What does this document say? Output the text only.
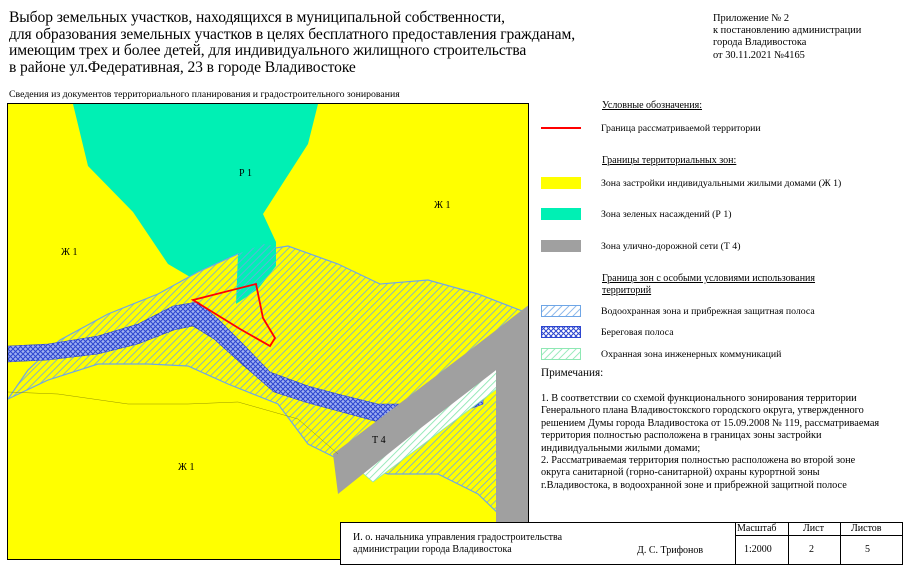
Выбор земельных участков, находящихся в муниципальной собственности,
для образования земельных участков в целях бесплатного предоставления гражданам,
имеющим трех и более детей, для индивидуального жилищного строительства
в районе ул.Федеративная, 23 в городе Владивостоке
Приложение № 2
к постановлению администрации
города Владивостока
от 30.11.2021 №4165
Сведения из документов территориального планирования и градостроительного зонирования
Р 1
Ж 1
Ж 1
Ж 1
Т 4
Условные обозначения:
Граница рассматриваемой территории
Границы территориальных зон:
Зона застройки индивидуальными жилыми домами (Ж 1)
Зона зеленых насаждений (Р 1)
Зона улично-дорожной сети (Т 4)
Граница зон с особыми условиями использования
территорий
Водоохранная зона и прибрежная защитная полоса
Береговая полоса
Охранная зона инженерных коммуникаций
Примечания:
1. В соответствии со схемой функционального зонирования территории Генерального плана Владивостокского городского округа, утвержденного решением Думы города Владивостока от 15.09.2008 № 119, рассматриваемая территория полностью расположена в границах зоны застройки индивидуальными жилыми домами;
2. Рассматриваемая территория полностью расположена во второй зоне округа санитарной (горно-санитарной) охраны курортной зоны г.Владивостока, в водоохранной зоне и прибрежной защитной полосе
И. о. начальника управления градостроительства
администрации города Владивостока	Д. С. Трифонов
Масштаб	Лист	Листов
1:2000	2	5
